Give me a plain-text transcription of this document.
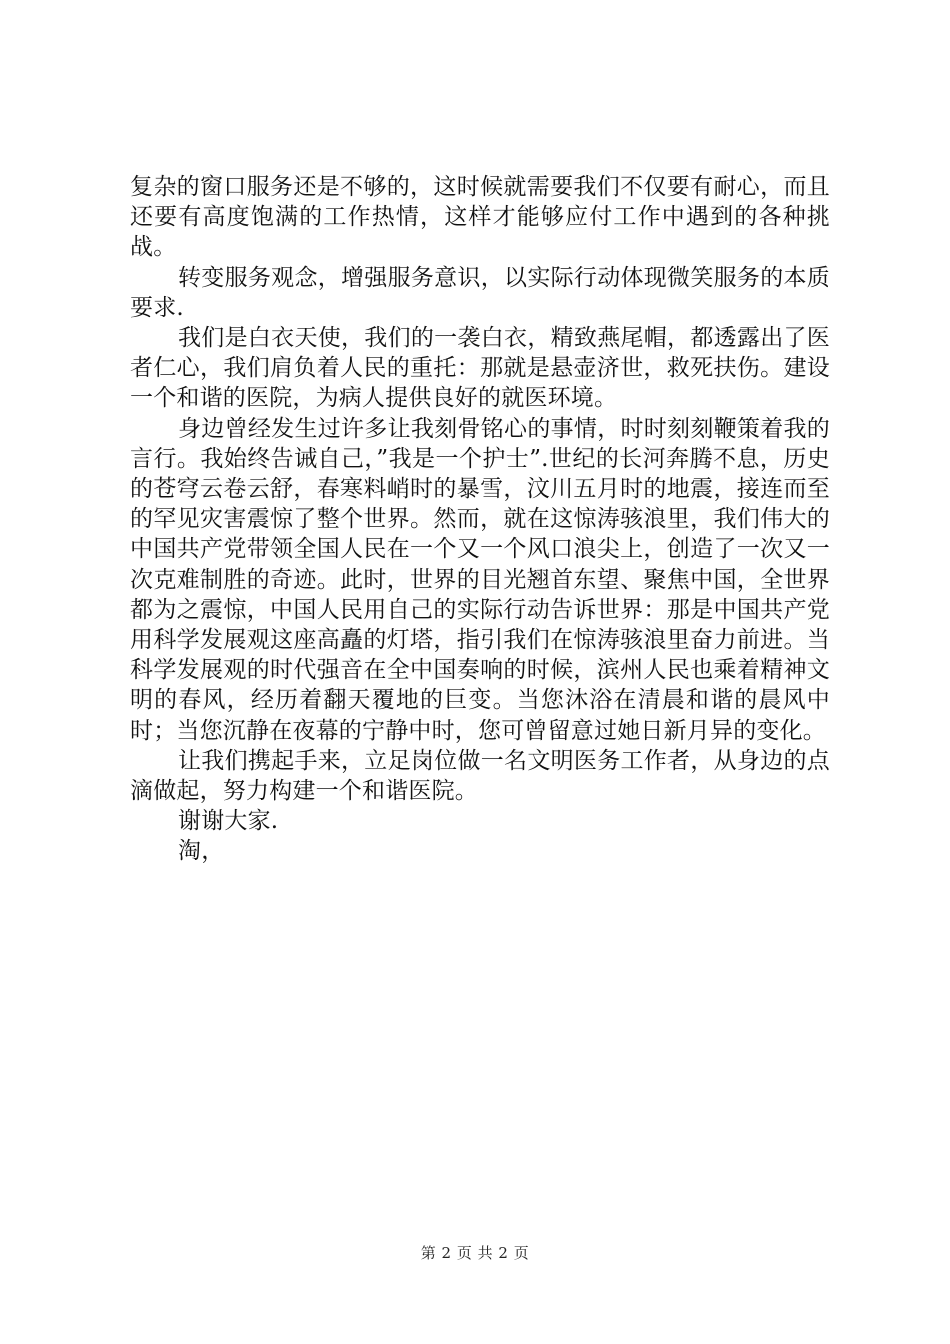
复杂的窗口服务还是不够的，这时候就需要我们不仅要有耐心，而且还要有高度饱满的工作热情，这样才能够应付工作中遇到的各种挑战。

转变服务观念，增强服务意识，以实际行动体现微笑服务的本质要求.

我们是白衣天使，我们的一袭白衣，精致燕尾帽，都透露出了医者仁心，我们肩负着人民的重托：那就是悬壶济世，救死扶伤。建设一个和谐的医院，为病人提供良好的就医环境。

身边曾经发生过许多让我刻骨铭心的事情，时时刻刻鞭策着我的言行。我始终告诫自己，”我是一个护士”.世纪的长河奔腾不息，历史的苍穹云卷云舒，春寒料峭时的暴雪，汶川五月时的地震，接连而至的罕见灾害震惊了整个世界。然而，就在这惊涛骇浪里，我们伟大的中国共产党带领全国人民在一个又一个风口浪尖上，创造了一次又一次克难制胜的奇迹。此时，世界的目光翘首东望、聚焦中国，全世界都为之震惊，中国人民用自己的实际行动告诉世界：那是中国共产党用科学发展观这座高矗的灯塔，指引我们在惊涛骇浪里奋力前进。当科学发展观的时代强音在全中国奏响的时候，滨州人民也乘着精神文明的春风，经历着翻天覆地的巨变。当您沐浴在清晨和谐的晨风中时；当您沉静在夜幕的宁静中时，您可曾留意过她日新月异的变化。

让我们携起手来，立足岗位做一名文明医务工作者，从身边的点滴做起，努力构建一个和谐医院。

谢谢大家.

淘，

第 2 页 共 2 页
